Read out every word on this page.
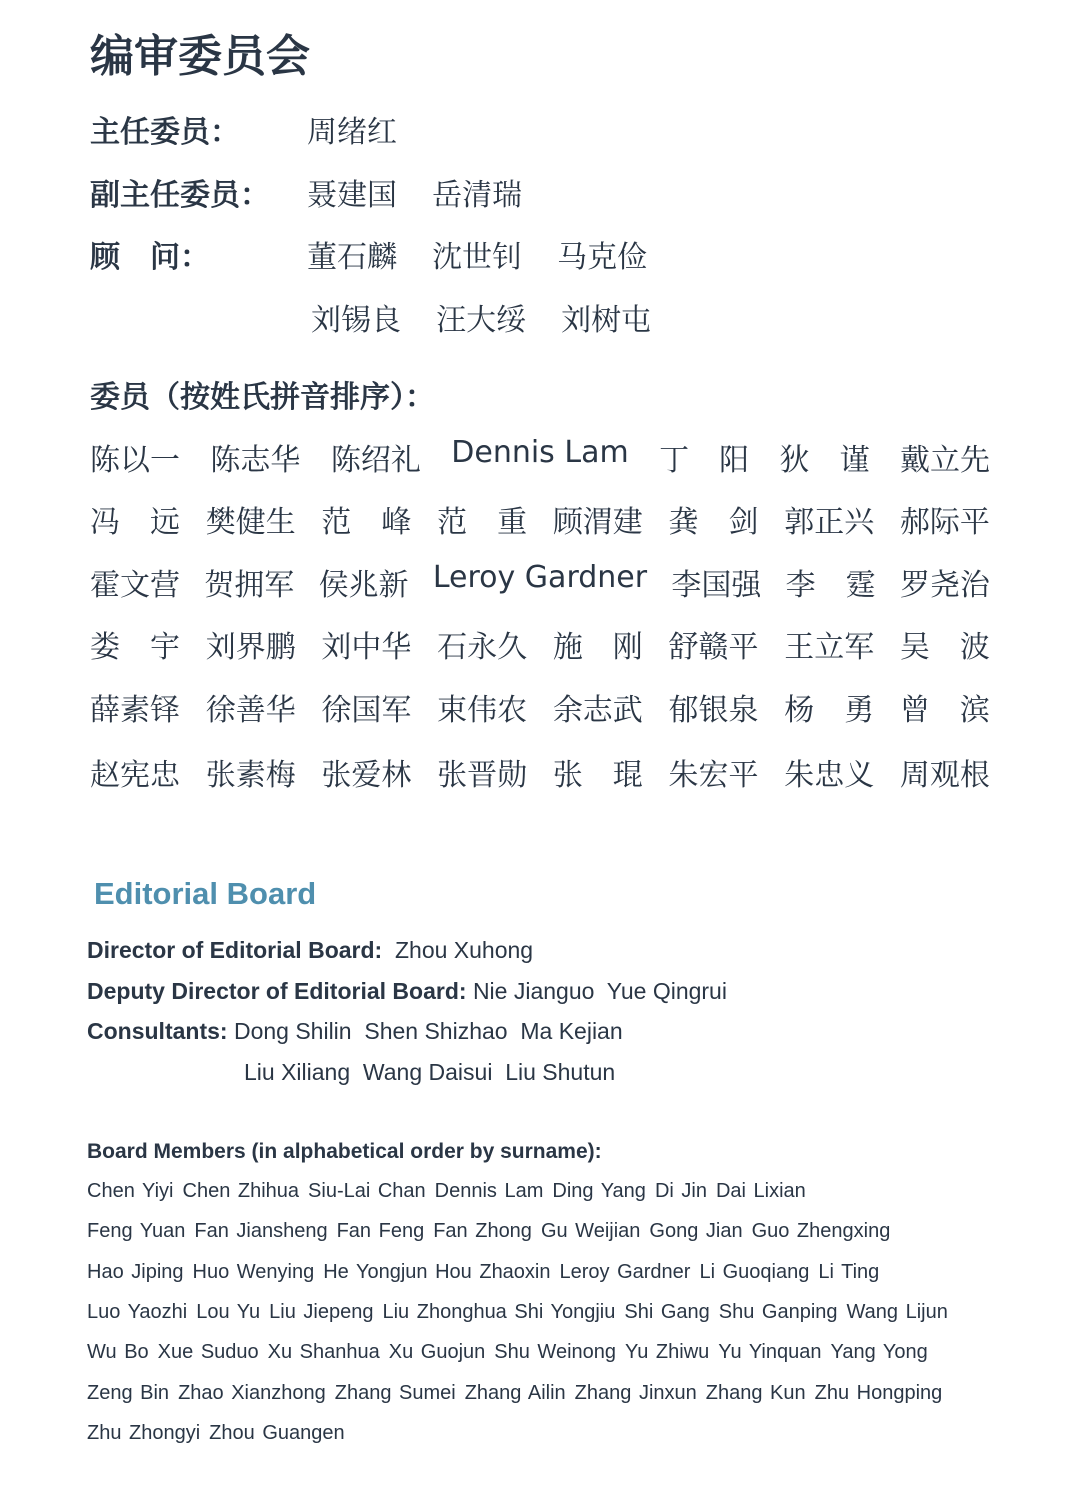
编审委员会
主任委员： 周绪红
副主任委员： 聂建国  岳清瑞
顾　问：	董石麟  沈世钊  马克俭
刘锡良  汪大绥  刘树屯
委员（按姓氏拼音排序）：
陈以一 陈志华 陈绍礼 Dennis Lam 丁　阳 狄　谨 戴立先
冯　远 樊健生 范　峰 范　重 顾渭建 龚　剑 郭正兴 郝际平
霍文营 贺拥军 侯兆新 Leroy Gardner 李国强 李　霆 罗尧治
娄　宇 刘界鹏 刘中华 石永久 施　刚 舒赣平 王立军 吴　波
薛素铎 徐善华 徐国军 束伟农 余志武 郁银泉 杨　勇 曾　滨
赵宪忠 张素梅 张爱林 张晋勋 张　琨 朱宏平 朱忠义 周观根
Editorial Board
Director of Editorial Board: Zhou Xuhong
Deputy Director of Editorial Board: Nie Jianguo  Yue Qingrui
Consultants: Dong Shilin  Shen Shizhao  Ma Kejian
Liu Xiliang  Wang Daisui  Liu Shutun
Board Members (in alphabetical order by surname):
Chen Yiyi Chen Zhihua Siu-Lai Chan Dennis Lam Ding Yang Di Jin Dai Lixian
Feng Yuan Fan Jiansheng Fan Feng Fan Zhong Gu Weijian Gong Jian Guo Zhengxing
Hao Jiping Huo Wenying He Yongjun Hou Zhaoxin Leroy Gardner Li Guoqiang Li Ting
Luo Yaozhi Lou Yu Liu Jiepeng Liu Zhonghua Shi Yongjiu Shi Gang Shu Ganping Wang Lijun
Wu Bo Xue Suduo Xu Shanhua Xu Guojun Shu Weinong Yu Zhiwu Yu Yinquan Yang Yong
Zeng Bin Zhao Xianzhong Zhang Sumei Zhang Ailin Zhang Jinxun Zhang Kun Zhu Hongping
Zhu Zhongyi Zhou Guangen
